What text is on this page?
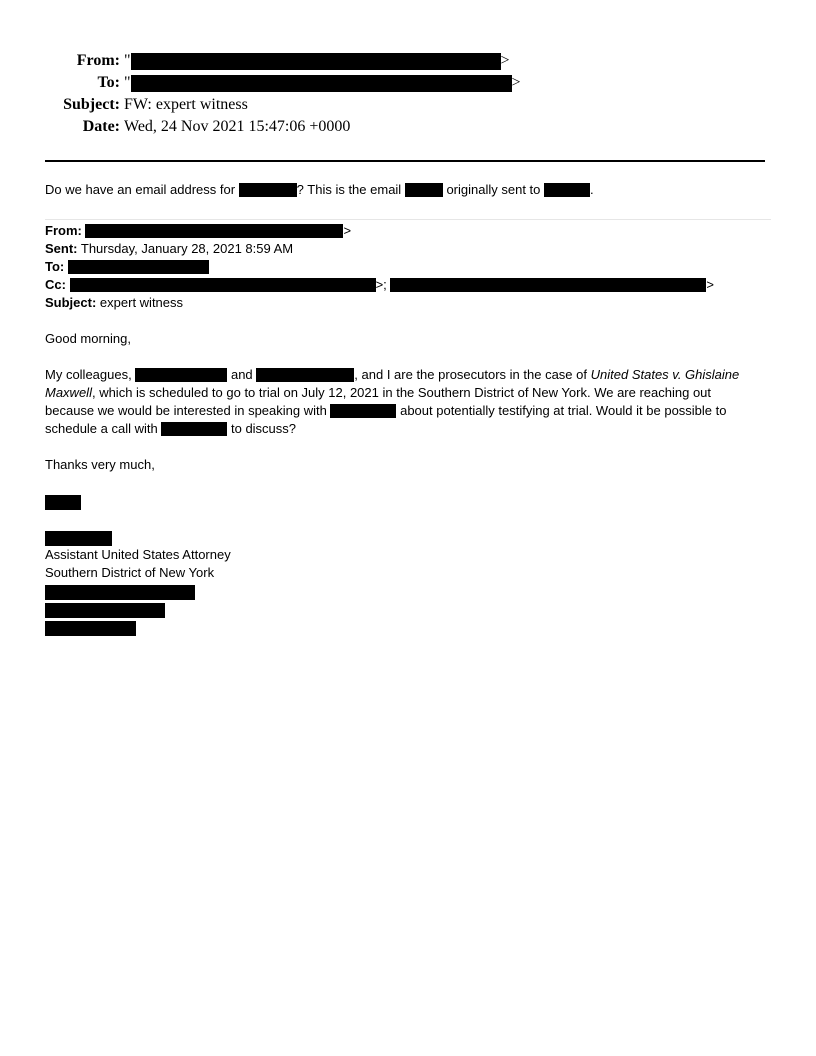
From: "	>
To: "	>
Subject: FW: expert witness
Date: Wed, 24 Nov 2021 15:47:06 +0000
Do we have an email address for	? This is the email	originally sent to	.
From:	>
Sent: Thursday, January 28, 2021 8:59 AM
To:
Cc:	>;	>
Subject: expert witness
Good morning,
My colleagues,	and	, and I are the prosecutors in the case of United States v. Ghislaine
Maxwell, which is scheduled to go to trial on July 12, 2021 in the Southern District of New York. We are reaching out
because we would be interested in speaking with	about potentially testifying at trial. Would it be possible to
schedule a call with	to discuss?
Thanks very much,
Assistant United States Attorney
Southern District of New York
